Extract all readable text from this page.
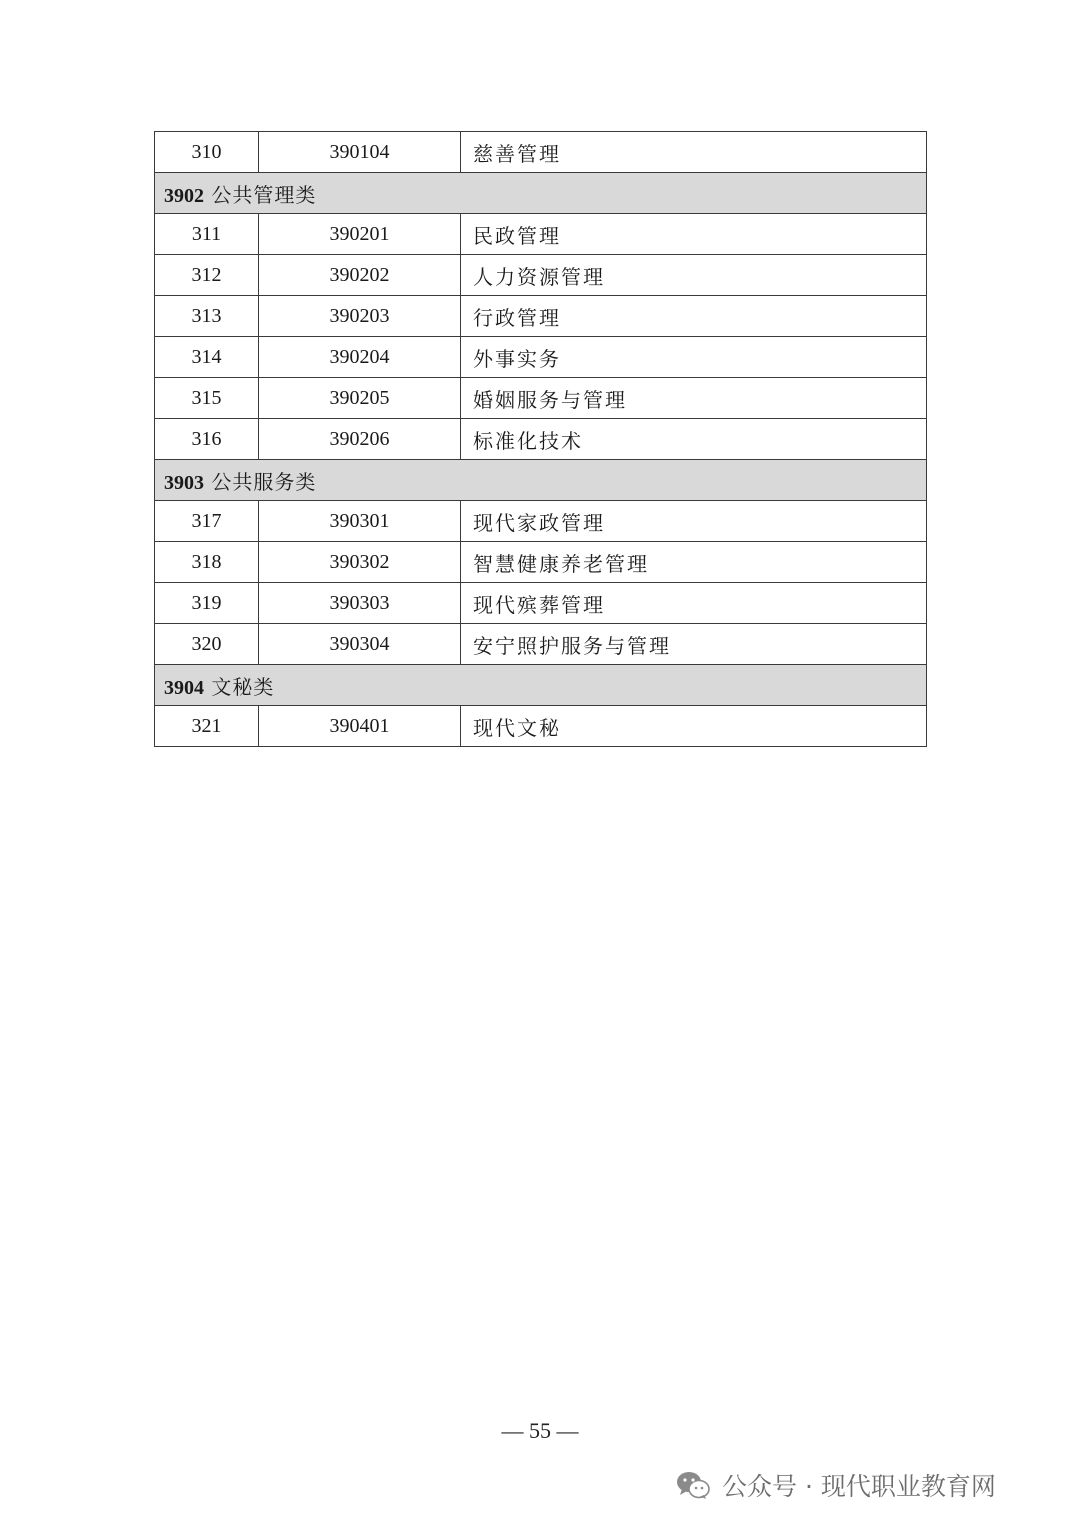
310	390104	慈善管理
3902 公共管理类		
311	390201	民政管理
312	390202	人力资源管理
313	390203	行政管理
314	390204	外事实务
315	390205	婚姻服务与管理
316	390206	标准化技术
3903 公共服务类		
317	390301	现代家政管理
318	390302	智慧健康养老管理
319	390303	现代殡葬管理
320	390304	安宁照护服务与管理
3904 文秘类		
321	390401	现代文秘
— 55 —
公众号 · 现代职业教育网
